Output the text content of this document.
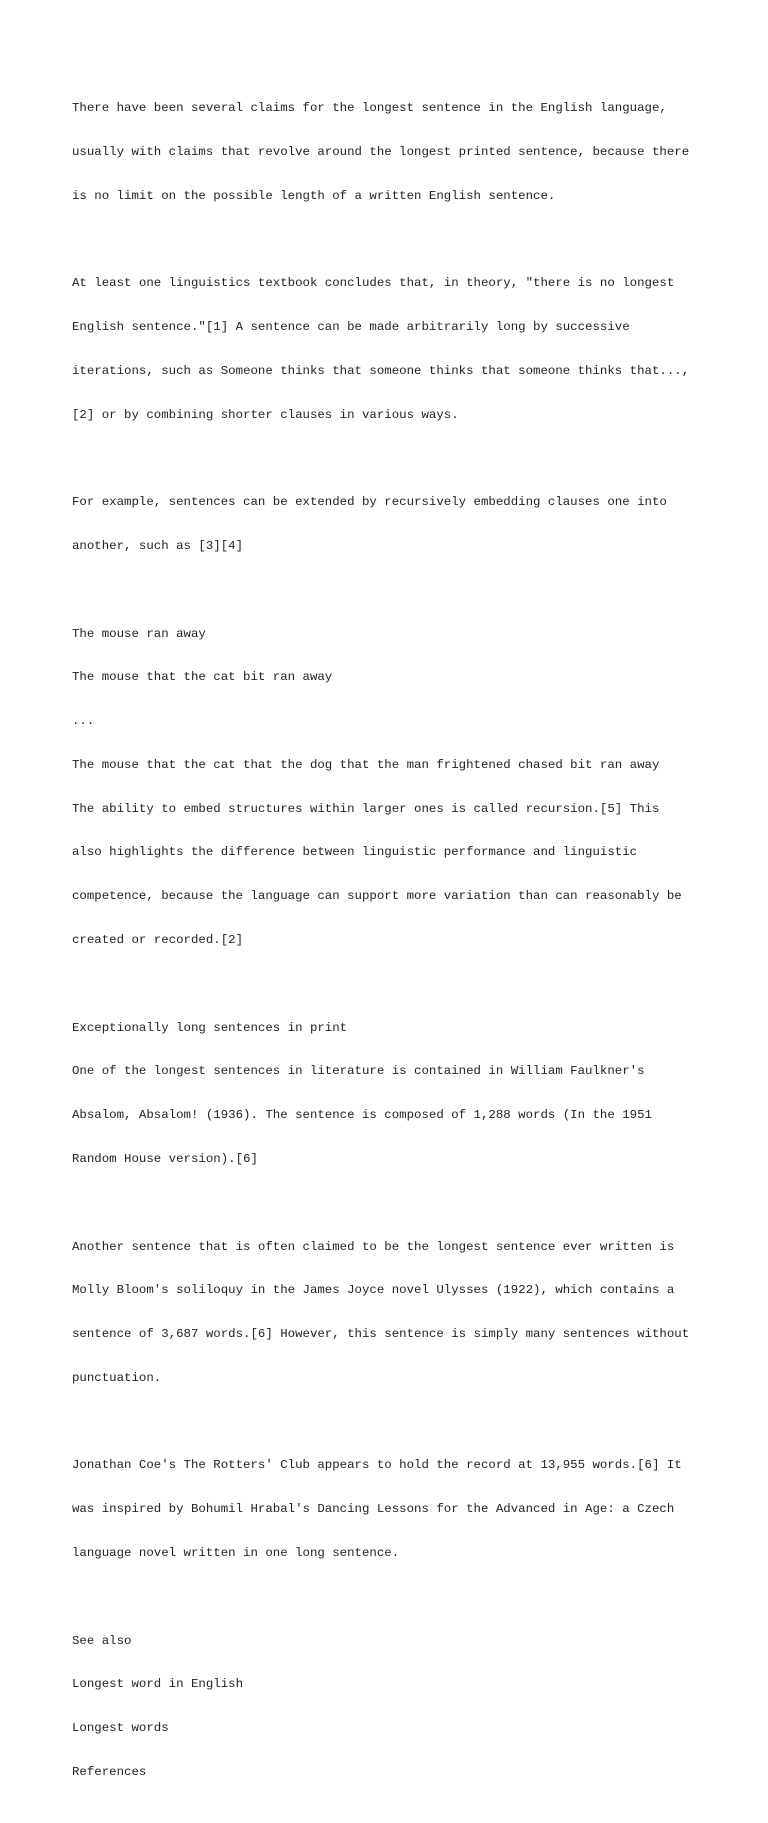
There have been several claims for the longest sentence in the English language,

usually with claims that revolve around the longest printed sentence, because there

is no limit on the possible length of a written English sentence.

At least one linguistics textbook concludes that, in theory, "there is no longest

English sentence."[1] A sentence can be made arbitrarily long by successive

iterations, such as Someone thinks that someone thinks that someone thinks that...,

[2] or by combining shorter clauses in various ways.

For example, sentences can be extended by recursively embedding clauses one into

another, such as [3][4]

The mouse ran away

The mouse that the cat bit ran away

...

The mouse that the cat that the dog that the man frightened chased bit ran away

The ability to embed structures within larger ones is called recursion.[5] This

also highlights the difference between linguistic performance and linguistic

competence, because the language can support more variation than can reasonably be

created or recorded.[2]

Exceptionally long sentences in print

One of the longest sentences in literature is contained in William Faulkner's

Absalom, Absalom! (1936). The sentence is composed of 1,288 words (In the 1951

Random House version).[6]

Another sentence that is often claimed to be the longest sentence ever written is

Molly Bloom's soliloquy in the James Joyce novel Ulysses (1922), which contains a

sentence of 3,687 words.[6] However, this sentence is simply many sentences without

punctuation.

Jonathan Coe's The Rotters' Club appears to hold the record at 13,955 words.[6] It

was inspired by Bohumil Hrabal's Dancing Lessons for the Advanced in Age: a Czech

language novel written in one long sentence.

See also

Longest word in English

Longest words

References
